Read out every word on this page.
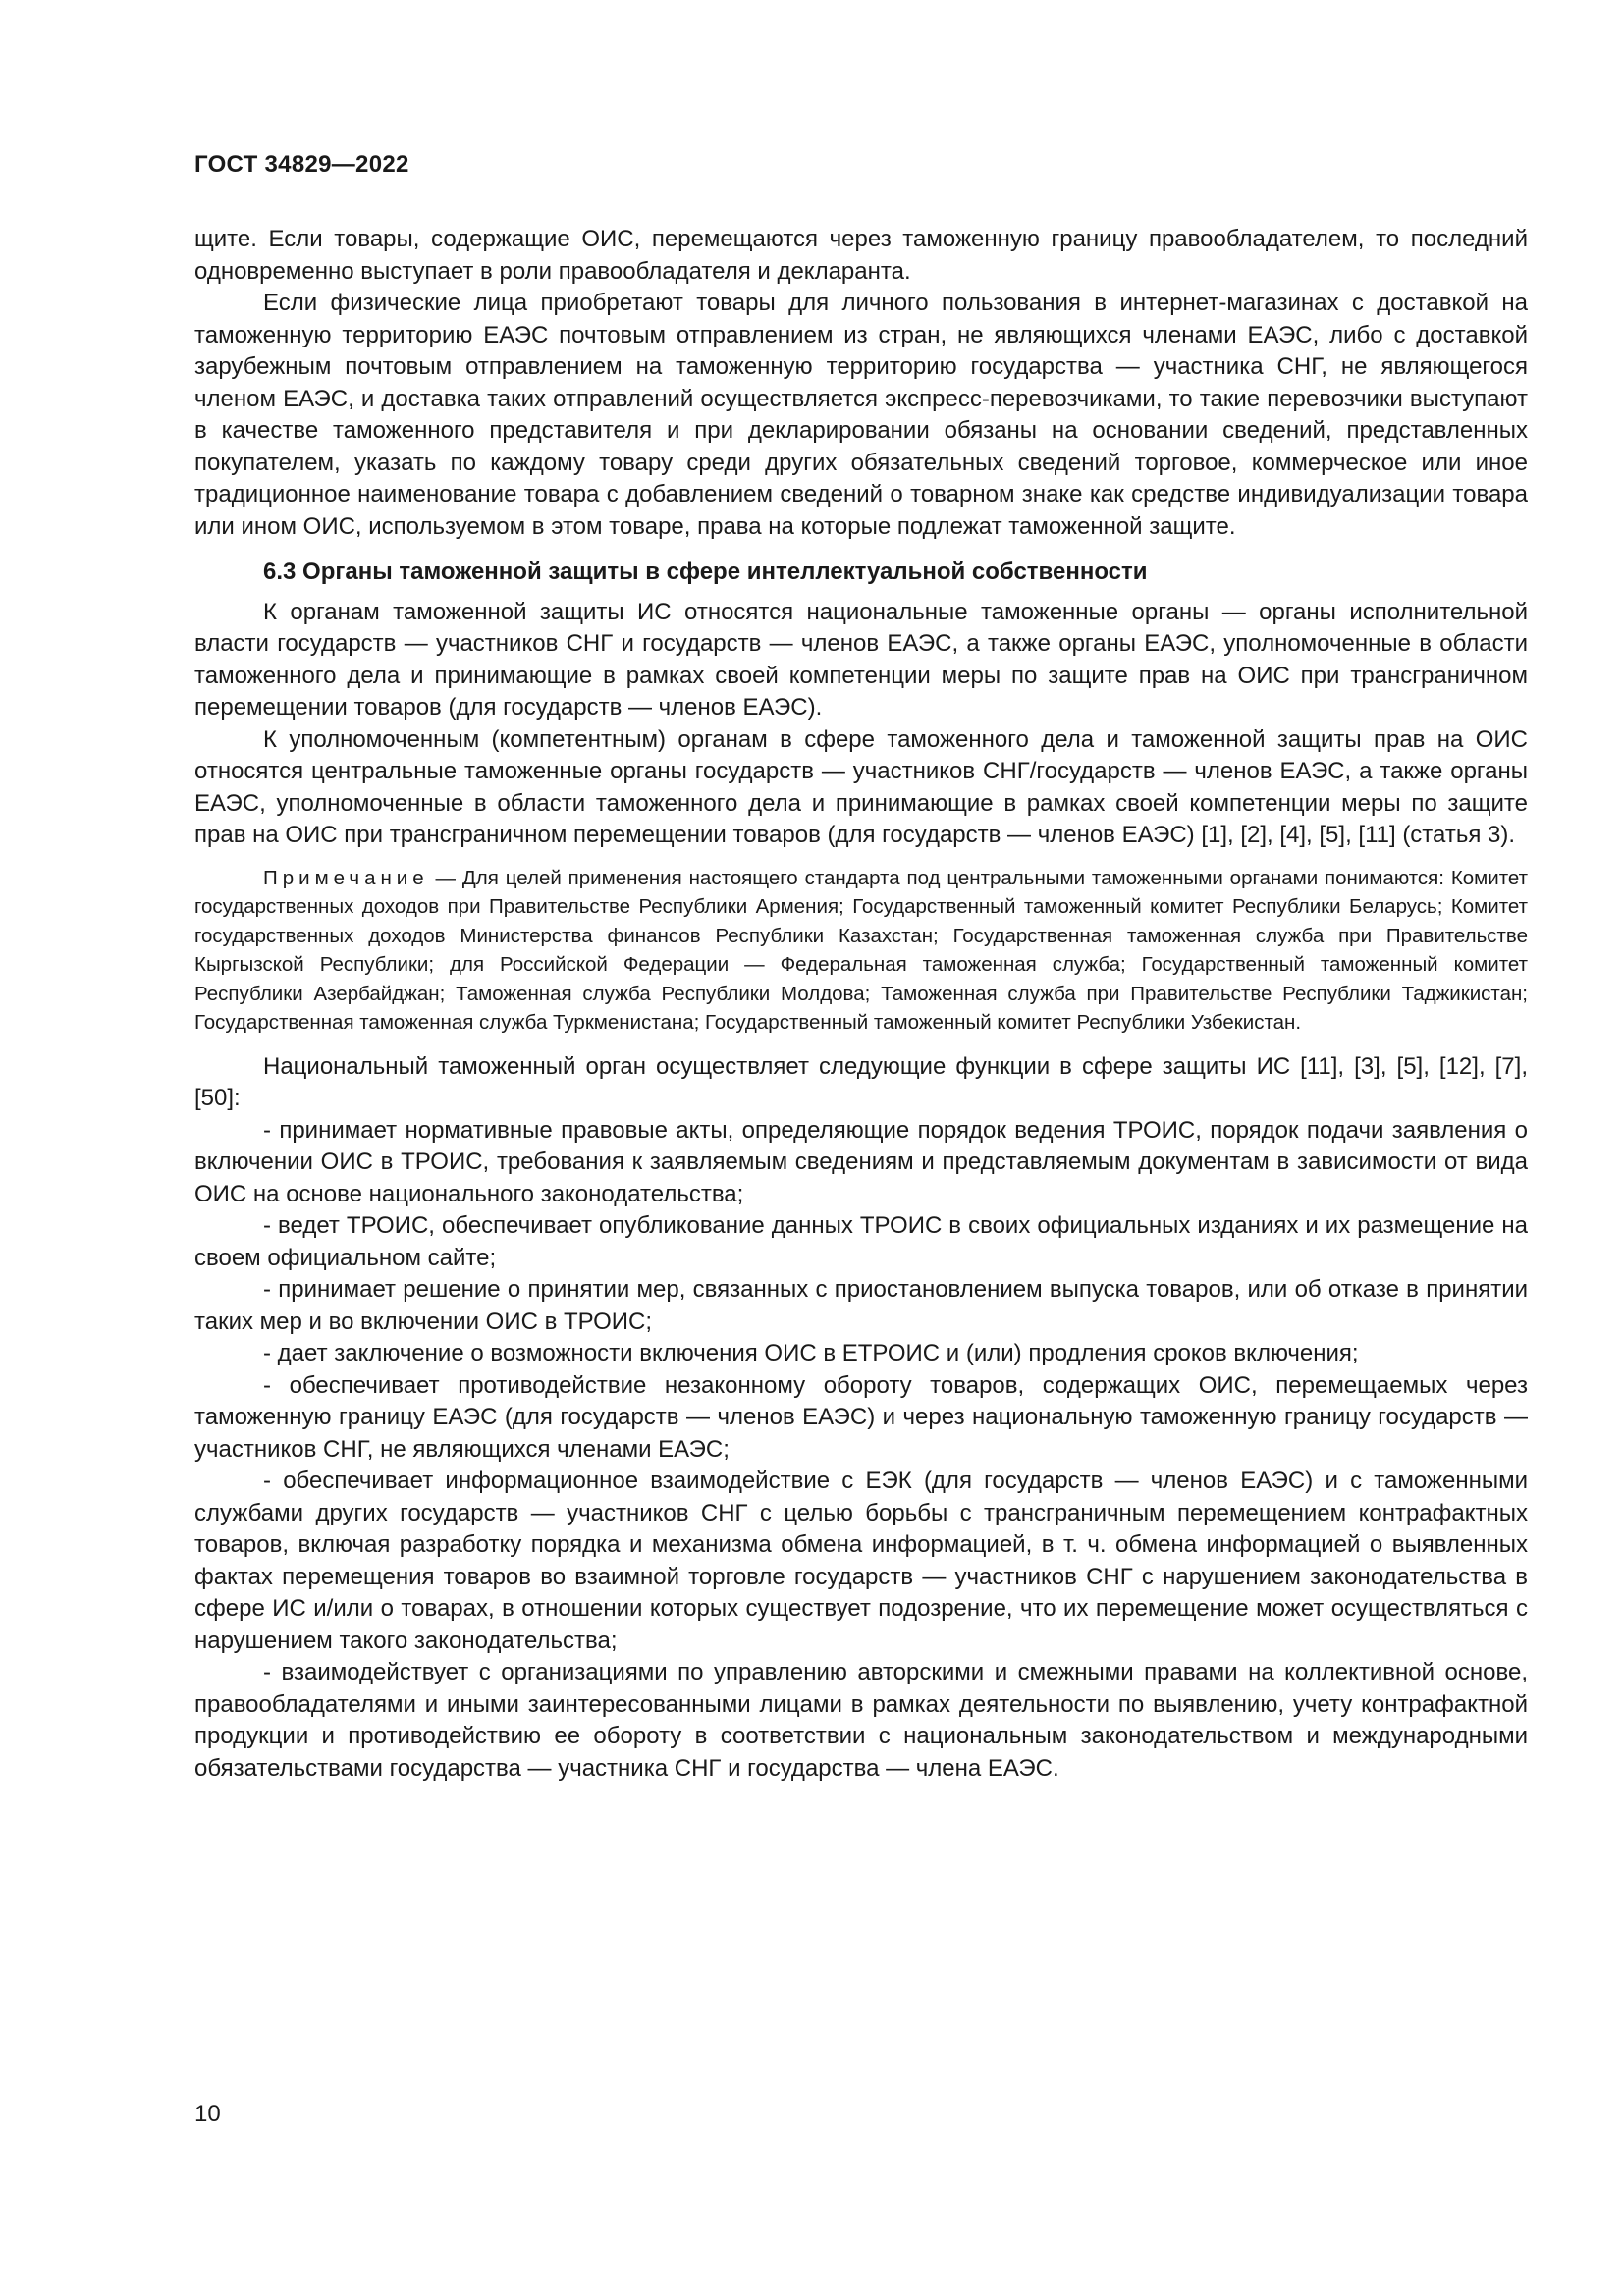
ГОСТ 34829—2022

щите. Если товары, содержащие ОИС, перемещаются через таможенную границу правообладателем, то последний одновременно выступает в роли правообладателя и декларанта.

Если физические лица приобретают товары для личного пользования в интернет-магазинах с доставкой на таможенную территорию ЕАЭС почтовым отправлением из стран, не являющихся членами ЕАЭС, либо с доставкой зарубежным почтовым отправлением на таможенную территорию государства — участника СНГ, не являющегося членом ЕАЭС, и доставка таких отправлений осуществляется экспресс-перевозчиками, то такие перевозчики выступают в качестве таможенного представителя и при декларировании обязаны на основании сведений, представленных покупателем, указать по каждому товару среди других обязательных сведений торговое, коммерческое или иное традиционное наименование товара с добавлением сведений о товарном знаке как средстве индивидуализации товара или ином ОИС, используемом в этом товаре, права на которые подлежат таможенной защите.

6.3 Органы таможенной защиты в сфере интеллектуальной собственности

К органам таможенной защиты ИС относятся национальные таможенные органы — органы исполнительной власти государств — участников СНГ и государств — членов ЕАЭС, а также органы ЕАЭС, уполномоченные в области таможенного дела и принимающие в рамках своей компетенции меры по защите прав на ОИС при трансграничном перемещении товаров (для государств — членов ЕАЭС).

К уполномоченным (компетентным) органам в сфере таможенного дела и таможенной защиты прав на ОИС относятся центральные таможенные органы государств — участников СНГ/государств — членов ЕАЭС, а также органы ЕАЭС, уполномоченные в области таможенного дела и принимающие в рамках своей компетенции меры по защите прав на ОИС при трансграничном перемещении товаров (для государств — членов ЕАЭС) [1], [2], [4], [5], [11] (статья 3).

Примечание — Для целей применения настоящего стандарта под центральными таможенными органами понимаются: Комитет государственных доходов при Правительстве Республики Армения; Государственный таможенный комитет Республики Беларусь; Комитет государственных доходов Министерства финансов Республики Казахстан; Государственная таможенная служба при Правительстве Кыргызской Республики; для Российской Федерации — Федеральная таможенная служба; Государственный таможенный комитет Республики Азербайджан; Таможенная служба Республики Молдова; Таможенная служба при Правительстве Республики Таджикистан; Государственная таможенная служба Туркменистана; Государственный таможенный комитет Республики Узбекистан.

Национальный таможенный орган осуществляет следующие функции в сфере защиты ИС [11], [3], [5], [12], [7], [50]:

- принимает нормативные правовые акты, определяющие порядок ведения ТРОИС, порядок подачи заявления о включении ОИС в ТРОИС, требования к заявляемым сведениям и представляемым документам в зависимости от вида ОИС на основе национального законодательства;

- ведет ТРОИС, обеспечивает опубликование данных ТРОИС в своих официальных изданиях и их размещение на своем официальном сайте;

- принимает решение о принятии мер, связанных с приостановлением выпуска товаров, или об отказе в принятии таких мер и во включении ОИС в ТРОИС;

- дает заключение о возможности включения ОИС в ЕТРОИС и (или) продления сроков включения;

- обеспечивает противодействие незаконному обороту товаров, содержащих ОИС, перемещаемых через таможенную границу ЕАЭС (для государств — членов ЕАЭС) и через национальную таможенную границу государств — участников СНГ, не являющихся членами ЕАЭС;

- обеспечивает информационное взаимодействие с ЕЭК (для государств — членов ЕАЭС) и с таможенными службами других государств — участников СНГ с целью борьбы с трансграничным перемещением контрафактных товаров, включая разработку порядка и механизма обмена информацией, в т. ч. обмена информацией о выявленных фактах перемещения товаров во взаимной торговле государств — участников СНГ с нарушением законодательства в сфере ИС и/или о товарах, в отношении которых существует подозрение, что их перемещение может осуществляться с нарушением такого законодательства;

- взаимодействует с организациями по управлению авторскими и смежными правами на коллективной основе, правообладателями и иными заинтересованными лицами в рамках деятельности по выявлению, учету контрафактной продукции и противодействию ее обороту в соответствии с национальным законодательством и международными обязательствами государства — участника СНГ и государства — члена ЕАЭС.

10
